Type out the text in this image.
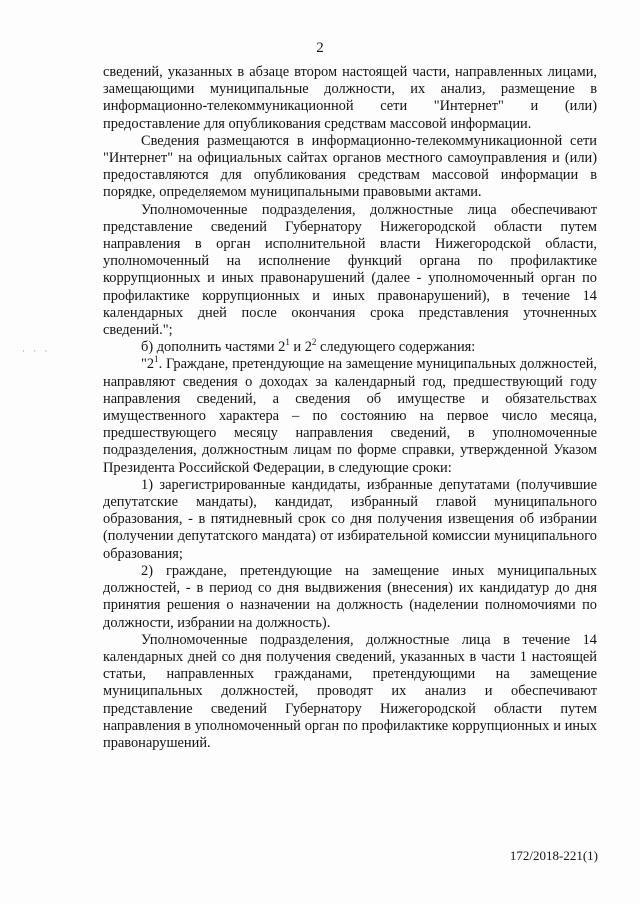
2
· · ·

сведений, указанных в абзаце втором настоящей части, направленных лицами, замещающими муниципальные должности, их анализ, размещение в информационно-телекоммуникационной сети "Интернет" и (или) предоставление для опубликования средствам массовой информации.

Сведения размещаются в информационно-телекоммуникационной сети "Интернет" на официальных сайтах органов местного самоуправления и (или) предоставляются для опубликования средствам массовой информации в порядке, определяемом муниципальными правовыми актами.

Уполномоченные подразделения, должностные лица обеспечивают представление сведений Губернатору Нижегородской области путем направления в орган исполнительной власти Нижегородской области, уполномоченный на исполнение функций органа по профилактике коррупционных и иных правонарушений (далее - уполномоченный орган по профилактике коррупционных и иных правонарушений), в течение 14 календарных дней после окончания срока представления уточненных сведений.";

б) дополнить частями $2^1$ и $2^2$ следующего содержания:

"$2^1$. Граждане, претендующие на замещение муниципальных должностей, направляют сведения о доходах за календарный год, предшествующий году направления сведений, а сведения об имуществе и обязательствах имущественного характера – по состоянию на первое число месяца, предшествующего месяцу направления сведений, в уполномоченные подразделения, должностным лицам по форме справки, утвержденной Указом Президента Российской Федерации, в следующие сроки:

1) зарегистрированные кандидаты, избранные депутатами (получившие депутатские мандаты), кандидат, избранный главой муниципального образования, - в пятидневный срок со дня получения извещения об избрании (получении депутатского мандата) от избирательной комиссии муниципального образования;

2) граждане, претендующие на замещение иных муниципальных должностей, - в период со дня выдвижения (внесения) их кандидатур до дня принятия решения о назначении на должность (наделении полномочиями по должности, избрании на должность).

Уполномоченные подразделения, должностные лица в течение 14 календарных дней со дня получения сведений, указанных в части 1 настоящей статьи, направленных гражданами, претендующими на замещение муниципальных должностей, проводят их анализ и обеспечивают представление сведений Губернатору Нижегородской области путем направления в уполномоченный орган по профилактике коррупционных и иных правонарушений.

172/2018-221(1)
